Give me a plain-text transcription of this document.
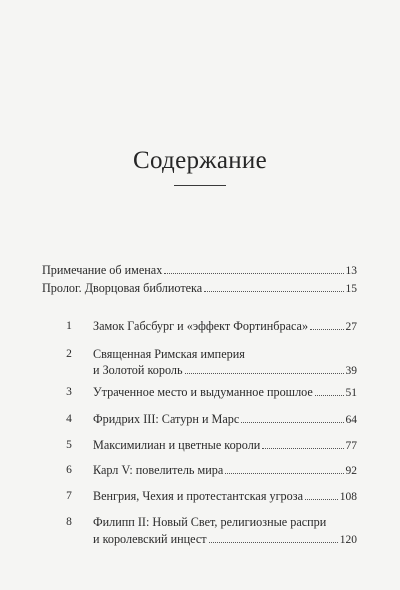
Содержание
Примечание об именах	13
Пролог. Дворцовая библиотека	15
1	Замок Габсбург и «эффект Фортинбраса»	27
2	Священная Римская империя
и Золотой король	39
3	Утраченное место и выдуманное прошлое	51
4	Фридрих III: Сатурн и Марс	64
5	Максимилиан и цветные короли	77
6	Карл V: повелитель мира	92
7	Венгрия, Чехия и протестантская угроза	108
8	Филипп II: Новый Свет, религиозные распри
и королевский инцест	120
